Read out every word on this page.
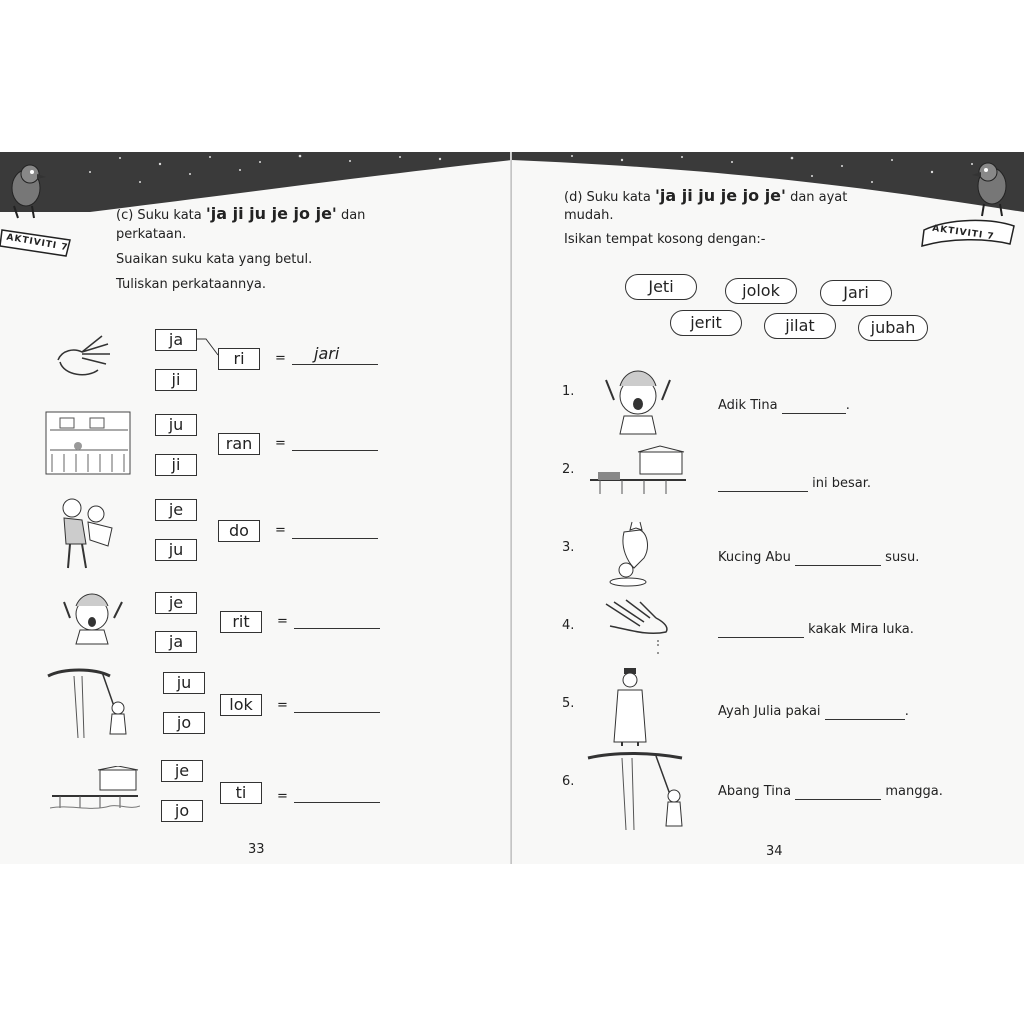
AKTIVITI 7
(c) Suku kata 'ja ji ju je jo je' dan
perkataan.
Suaikan suku kata yang betul.
Tuliskan perkataannya.
ja
ji
ri	= jari
ju
ji
ran	=
je
ju
do	=
je
ja
rit	=
ju
jo
lok	=
je
jo
ti	=
33
AKTIVITI 7
(d) Suku kata 'ja ji ju je jo je' dan ayat
mudah.
Isikan tempat kosong dengan:-
Jeti	jolok	Jari
jerit	jilat	jubah
1.
Adik Tina	.
2.
ini besar.
3.
Kucing Abu	susu.
4.	kakak Mira luka.
5.
Ayah Julia pakai	.
6.
Abang Tina	mangga.
34
